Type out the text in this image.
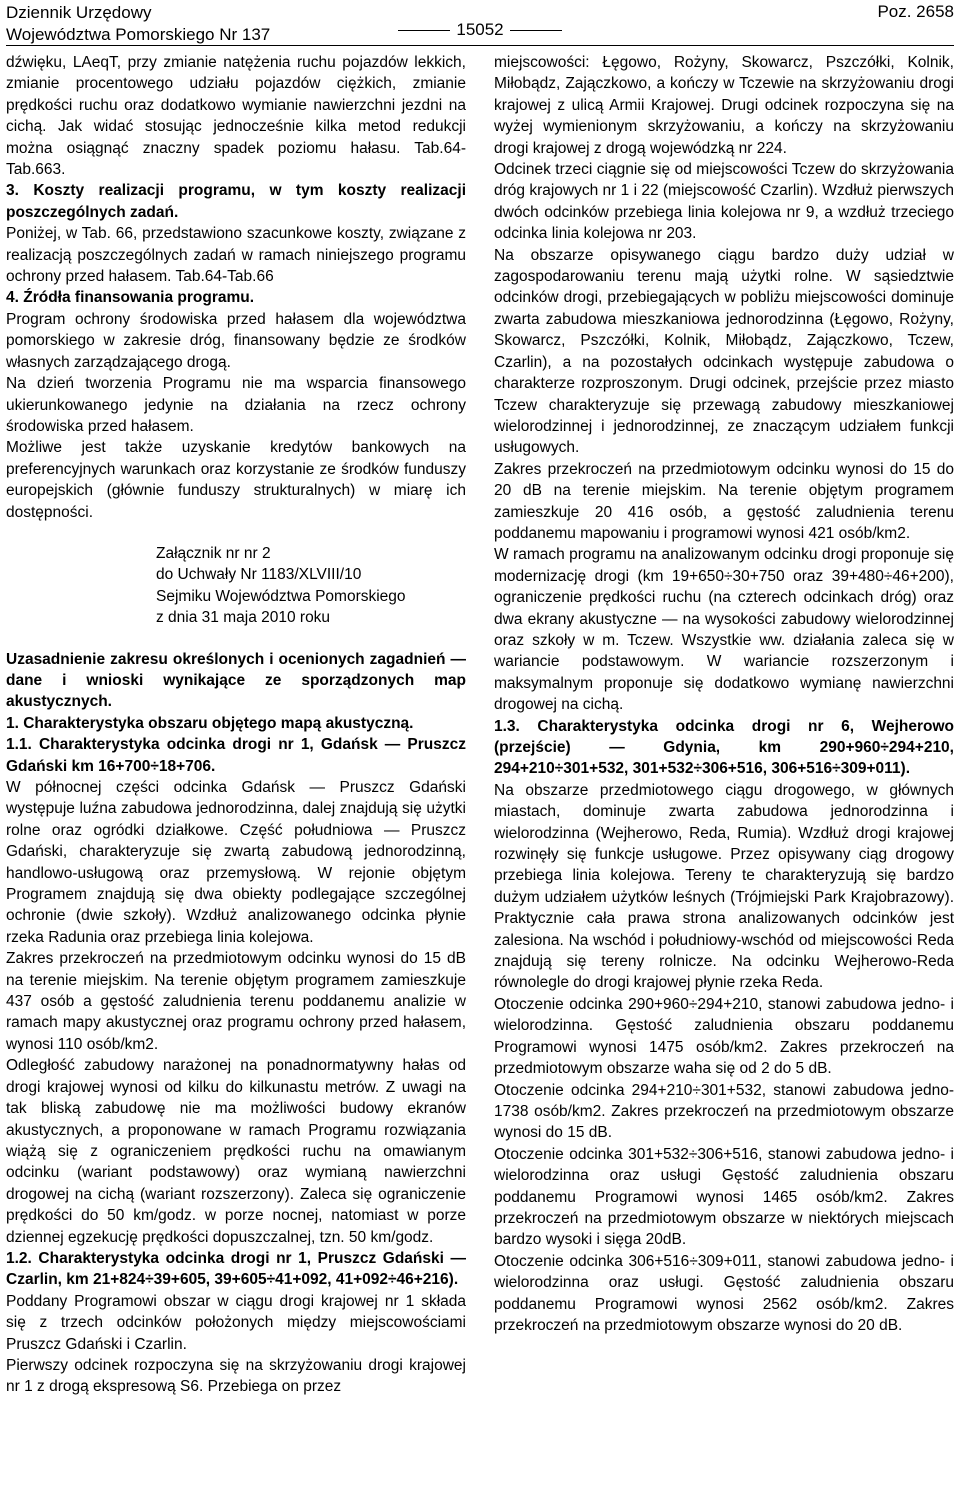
Dziennik Urzędowy
Województwa Pomorskiego Nr 137	15052
Poz. 2658

dźwięku, LAeqT, przy zmianie natężenia ruchu pojazdów lekkich, zmianie procentowego udziału pojazdów ciężkich, zmianie prędkości ruchu oraz dodatkowo wymianie nawierzchni jezdni na cichą. Jak widać stosując jednocześnie kilka metod redukcji można osiągnąć znaczny spadek poziomu hałasu. Tab.64-Tab.663.

3. Koszty realizacji programu, w tym koszty realizacji poszczególnych zadań.

Poniżej, w Tab. 66, przedstawiono szacunkowe koszty, związane z realizacją poszczególnych zadań w ramach niniejszego programu ochrony przed hałasem. Tab.64-Tab.66

4. Źródła finansowania programu.

Program ochrony środowiska przed hałasem dla województwa pomorskiego w zakresie dróg, finansowany będzie ze środków własnych zarządzającego drogą.

Na dzień tworzenia Programu nie ma wsparcia finansowego ukierunkowanego jedynie na działania na rzecz ochrony środowiska przed hałasem.

Możliwe jest także uzyskanie kredytów bankowych na preferencyjnych warunkach oraz korzystanie ze środków funduszy europejskich (głównie funduszy strukturalnych) w miarę ich dostępności.

Załącznik nr nr 2
do Uchwały Nr 1183/XLVIII/10
Sejmiku Województwa Pomorskiego
z dnia 31 maja 2010 roku

Uzasadnienie zakresu określonych i ocenionych zagadnień — dane i wnioski wynikające ze sporządzonych map akustycznych.

1. Charakterystyka obszaru objętego mapą akustyczną.

1.1. Charakterystyka odcinka drogi nr 1, Gdańsk — Pruszcz Gdański km 16+700÷18+706.

W północnej części odcinka Gdańsk — Pruszcz Gdański występuje luźna zabudowa jednorodzinna, dalej znajdują się użytki rolne oraz ogródki działkowe. Część południowa — Pruszcz Gdański, charakteryzuje się zwartą zabudową jednorodzinną, handlowo-usługową oraz przemysłową. W rejonie objętym Programem znajdują się dwa obiekty podlegające szczególnej ochronie (dwie szkoły). Wzdłuż analizowanego odcinka płynie rzeka Radunia oraz przebiega linia kolejowa.

Zakres przekroczeń na przedmiotowym odcinku wynosi do 15 dB na terenie miejskim. Na terenie objętym programem zamieszkuje 437 osób a gęstość zaludnienia terenu poddanemu analizie w ramach mapy akustycznej oraz programu ochrony przed hałasem, wynosi 110 osób/km2.

Odległość zabudowy narażonej na ponadnormatywny hałas od drogi krajowej wynosi od kilku do kilkunastu metrów. Z uwagi na tak bliską zabudowę nie ma możliwości budowy ekranów akustycznych, a proponowane w ramach Programu rozwiązania wiążą się z ograniczeniem prędkości ruchu na omawianym odcinku (wariant podstawowy) oraz wymianą nawierzchni drogowej na cichą (wariant rozszerzony). Zaleca się ograniczenie prędkości do 50 km/godz. w porze nocnej, natomiast w porze dziennej egzekucję prędkości dopuszczalnej, tzn. 50 km/godz.

1.2. Charakterystyka odcinka drogi nr 1, Pruszcz Gdański — Czarlin, km 21+824÷39+605, 39+605÷41+092, 41+092÷46+216).

Poddany Programowi obszar w ciągu drogi krajowej nr 1 składa się z trzech odcinków położonych między miejscowościami Pruszcz Gdański i Czarlin.

Pierwszy odcinek rozpoczyna się na skrzyżowaniu drogi krajowej nr 1 z drogą ekspresową S6. Przebiega on przez

miejscowości: Łęgowo, Rożyny, Skowarcz, Pszczółki, Kolnik, Miłobądz, Zajączkowo, a kończy w Tczewie na skrzyżowaniu drogi krajowej z ulicą Armii Krajowej. Drugi odcinek rozpoczyna się na wyżej wymienionym skrzyżowaniu, a kończy na skrzyżowaniu drogi krajowej z drogą wojewódzką nr 224.

Odcinek trzeci ciągnie się od miejscowości Tczew do skrzyżowania dróg krajowych nr 1 i 22 (miejscowość Czarlin). Wzdłuż pierwszych dwóch odcinków przebiega linia kolejowa nr 9, a wzdłuż trzeciego odcinka linia kolejowa nr 203.

Na obszarze opisywanego ciągu bardzo duży udział w zagospodarowaniu terenu mają użytki rolne. W sąsiedztwie odcinków drogi, przebiegających w pobliżu miejscowości dominuje zwarta zabudowa mieszkaniowa jednorodzinna (Łęgowo, Rożyny, Skowarcz, Pszczółki, Kolnik, Miłobądz, Zajączkowo, Tczew, Czarlin), a na pozostałych odcinkach występuje zabudowa o charakterze rozproszonym. Drugi odcinek, przejście przez miasto Tczew charakteryzuje się przewagą zabudowy mieszkaniowej wielorodzinnej i jednorodzinnej, ze znaczącym udziałem funkcji usługowych.

Zakres przekroczeń na przedmiotowym odcinku wynosi do 15 do 20 dB na terenie miejskim. Na terenie objętym programem zamieszkuje 20 416 osób, a gęstość zaludnienia terenu poddanemu mapowaniu i programowi wynosi 421 osób/km2.

W ramach programu na analizowanym odcinku drogi proponuje się modernizację drogi (km 19+650÷30+750 oraz 39+480÷46+200), ograniczenie prędkości ruchu (na czterech odcinkach dróg) oraz dwa ekrany akustyczne — na wysokości zabudowy wielorodzinnej oraz szkoły w m. Tczew. Wszystkie ww. działania zaleca się w wariancie podstawowym. W wariancie rozszerzonym i maksymalnym proponuje się dodatkowo wymianę nawierzchni drogowej na cichą.

1.3. Charakterystyka odcinka drogi nr 6, Wejherowo (przejście) — Gdynia, km 290+960÷294+210, 294+210÷301+532, 301+532÷306+516, 306+516÷309+011).

Na obszarze przedmiotowego ciągu drogowego, w głównych miastach, dominuje zwarta zabudowa jednorodzinna i wielorodzinna (Wejherowo, Reda, Rumia). Wzdłuż drogi krajowej rozwinęły się funkcje usługowe. Przez opisywany ciąg drogowy przebiega linia kolejowa. Tereny te charakteryzują się bardzo dużym udziałem użytków leśnych (Trójmiejski Park Krajobrazowy). Praktycznie cała prawa strona analizowanych odcinków jest zalesiona. Na wschód i południowy-wschód od miejscowości Reda znajdują się tereny rolnicze. Na odcinku Wejherowo-Reda równolegle do drogi krajowej płynie rzeka Reda.

Otoczenie odcinka 290+960÷294+210, stanowi zabudowa jedno- i wielorodzinna. Gęstość zaludnienia obszaru poddanemu Programowi wynosi 1475 osób/km2. Zakres przekroczeń na przedmiotowym obszarze waha się od 2 do 5 dB.

Otoczenie odcinka 294+210÷301+532, stanowi zabudowa jedno- 1738 osób/km2. Zakres przekroczeń na przedmiotowym obszarze wynosi do 15 dB.

Otoczenie odcinka 301+532÷306+516, stanowi zabudowa jedno- i wielorodzinna oraz usługi Gęstość zaludnienia obszaru poddanemu Programowi wynosi 1465 osób/km2. Zakres przekroczeń na przedmiotowym obszarze w niektórych miejscach bardzo wysoki i sięga 20dB.

Otoczenie odcinka 306+516÷309+011, stanowi zabudowa jedno- i wielorodzinna oraz usługi. Gęstość zaludnienia obszaru poddanemu Programowi wynosi 2562 osób/km2. Zakres przekroczeń na przedmiotowym obszarze wynosi do 20 dB.
